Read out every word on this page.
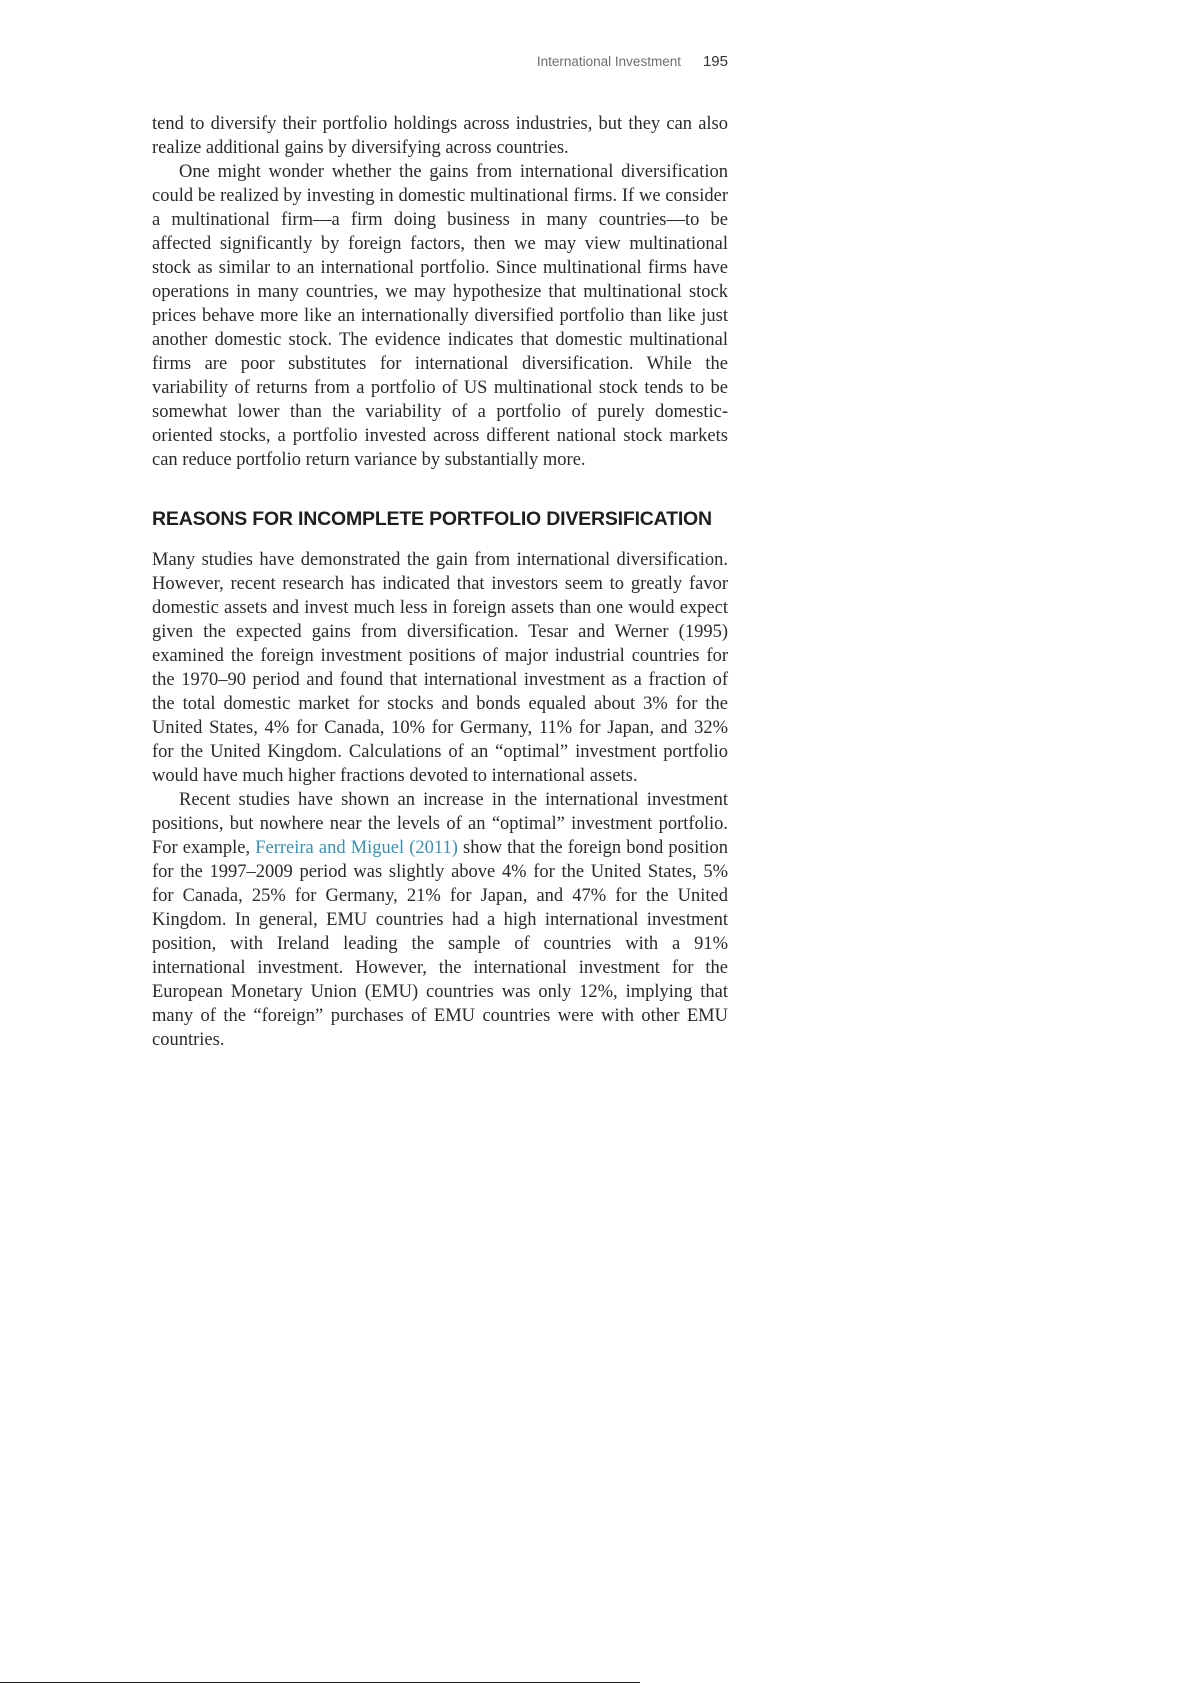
International Investment 195

tend to diversify their portfolio holdings across industries, but they can also realize additional gains by diversifying across countries.

One might wonder whether the gains from international diversification could be realized by investing in domestic multinational firms. If we consider a multinational firm—a firm doing business in many countries—to be affected significantly by foreign factors, then we may view multinational stock as similar to an international portfolio. Since multinational firms have operations in many countries, we may hypothesize that multinational stock prices behave more like an internationally diversified portfolio than like just another domestic stock. The evidence indicates that domestic multinational firms are poor substitutes for international diversification. While the variability of returns from a portfolio of US multinational stock tends to be somewhat lower than the variability of a portfolio of purely domestic-oriented stocks, a portfolio invested across different national stock markets can reduce portfolio return variance by substantially more.

REASONS FOR INCOMPLETE PORTFOLIO DIVERSIFICATION

Many studies have demonstrated the gain from international diversification. However, recent research has indicated that investors seem to greatly favor domestic assets and invest much less in foreign assets than one would expect given the expected gains from diversification. Tesar and Werner (1995) examined the foreign investment positions of major industrial countries for the 1970–90 period and found that international investment as a fraction of the total domestic market for stocks and bonds equaled about 3% for the United States, 4% for Canada, 10% for Germany, 11% for Japan, and 32% for the United Kingdom. Calculations of an “optimal” investment portfolio would have much higher fractions devoted to international assets.

Recent studies have shown an increase in the international investment positions, but nowhere near the levels of an “optimal” investment portfolio. For example, Ferreira and Miguel (2011) show that the foreign bond position for the 1997–2009 period was slightly above 4% for the United States, 5% for Canada, 25% for Germany, 21% for Japan, and 47% for the United Kingdom. In general, EMU countries had a high international investment position, with Ireland leading the sample of countries with a 91% international investment. However, the international investment for the European Monetary Union (EMU) countries was only 12%, implying that many of the “foreign” purchases of EMU countries were with other EMU countries.
